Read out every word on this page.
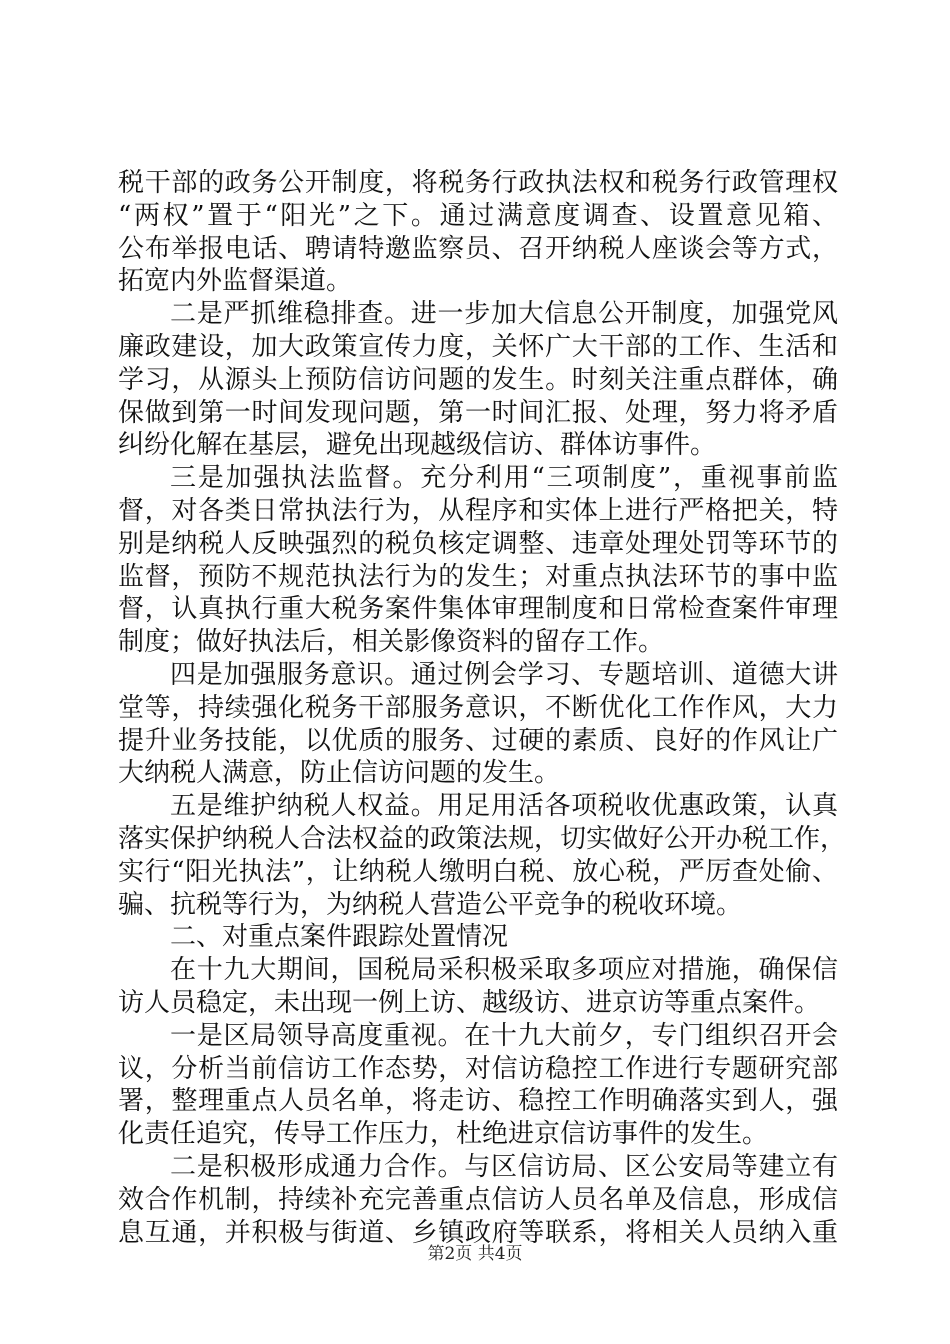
税干部的政务公开制度，将税务行政执法权和税务行政管理权
“两权”置于“阳光”之下。通过满意度调查、设置意见箱、
公布举报电话、聘请特邀监察员、召开纳税人座谈会等方式，
拓宽内外监督渠道。
二是严抓维稳排查。进一步加大信息公开制度，加强党风
廉政建设，加大政策宣传力度，关怀广大干部的工作、生活和
学习，从源头上预防信访问题的发生。时刻关注重点群体，确
保做到第一时间发现问题，第一时间汇报、处理，努力将矛盾
纠纷化解在基层，避免出现越级信访、群体访事件。
三是加强执法监督。充分利用“三项制度”，重视事前监
督，对各类日常执法行为，从程序和实体上进行严格把关，特
别是纳税人反映强烈的税负核定调整、违章处理处罚等环节的
监督，预防不规范执法行为的发生；对重点执法环节的事中监
督，认真执行重大税务案件集体审理制度和日常检查案件审理
制度；做好执法后，相关影像资料的留存工作。
四是加强服务意识。通过例会学习、专题培训、道德大讲
堂等，持续强化税务干部服务意识，不断优化工作作风，大力
提升业务技能，以优质的服务、过硬的素质、良好的作风让广
大纳税人满意，防止信访问题的发生。
五是维护纳税人权益。用足用活各项税收优惠政策，认真
落实保护纳税人合法权益的政策法规，切实做好公开办税工作，
实行“阳光执法”，让纳税人缴明白税、放心税，严厉查处偷、
骗、抗税等行为，为纳税人营造公平竞争的税收环境。
二、对重点案件跟踪处置情况
在十九大期间，国税局采积极采取多项应对措施，确保信
访人员稳定，未出现一例上访、越级访、进京访等重点案件。
一是区局领导高度重视。在十九大前夕，专门组织召开会
议，分析当前信访工作态势，对信访稳控工作进行专题研究部
署，整理重点人员名单，将走访、稳控工作明确落实到人，强
化责任追究，传导工作压力，杜绝进京信访事件的发生。
二是积极形成通力合作。与区信访局、区公安局等建立有
效合作机制，持续补充完善重点信访人员名单及信息，形成信
息互通，并积极与街道、乡镇政府等联系，将相关人员纳入重
第2页 共4页
